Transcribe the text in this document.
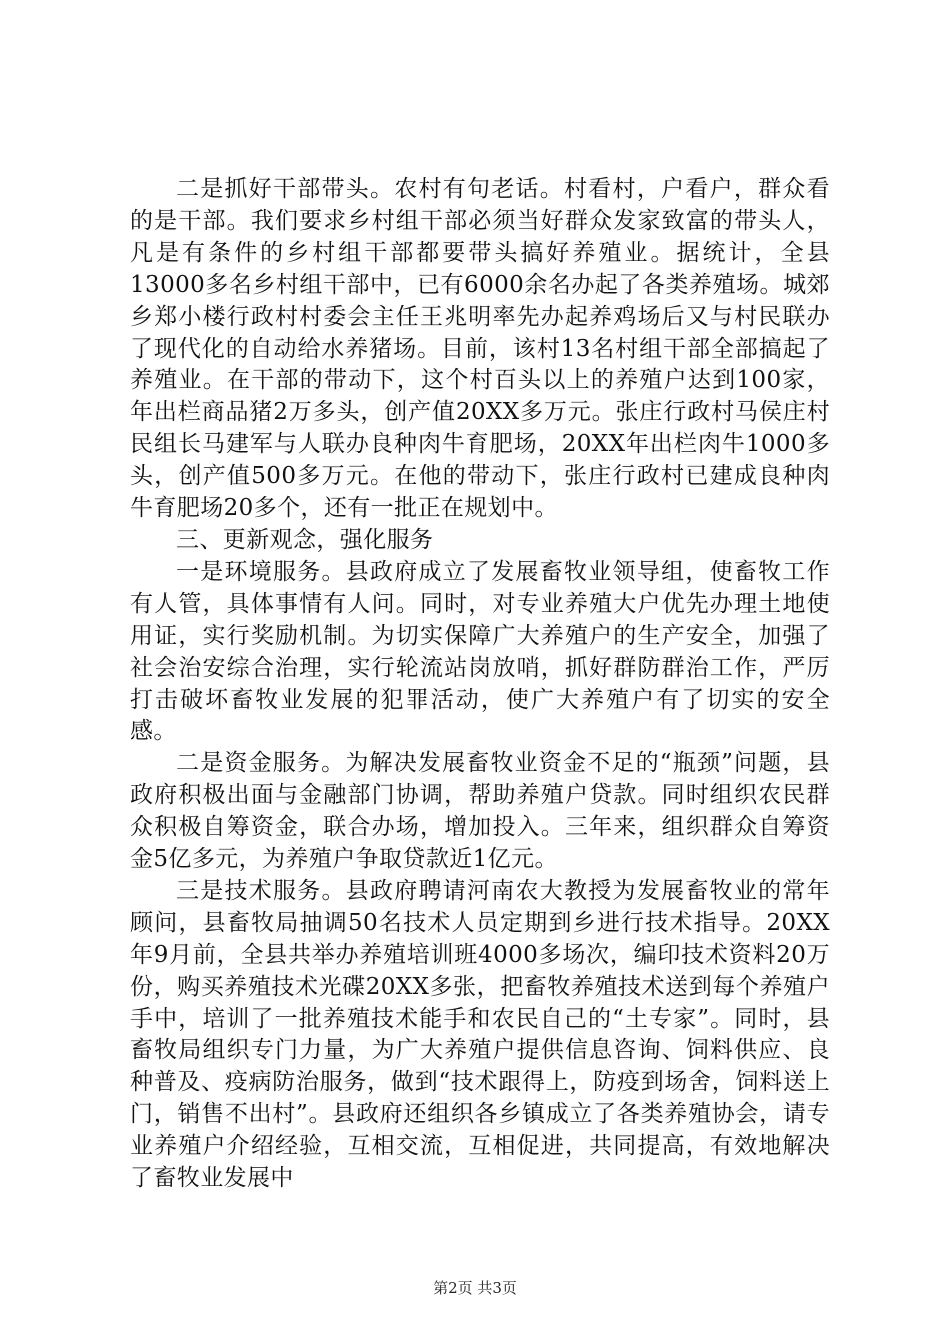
二是抓好干部带头。农村有句老话。村看村，户看户，群众看的是干部。我们要求乡村组干部必须当好群众发家致富的带头人，凡是有条件的乡村组干部都要带头搞好养殖业。据统计，全县13000多名乡村组干部中，已有6000余名办起了各类养殖场。城郊乡郑小楼行政村村委会主任王兆明率先办起养鸡场后又与村民联办了现代化的自动给水养猪场。目前，该村13名村组干部全部搞起了养殖业。在干部的带动下，这个村百头以上的养殖户达到100家，年出栏商品猪2万多头，创产值20XX多万元。张庄行政村马侯庄村民组长马建军与人联办良种肉牛育肥场，20XX年出栏肉牛1000多头，创产值500多万元。在他的带动下，张庄行政村已建成良种肉牛育肥场20多个，还有一批正在规划中。

三、更新观念，强化服务

一是环境服务。县政府成立了发展畜牧业领导组，使畜牧工作有人管，具体事情有人问。同时，对专业养殖大户优先办理土地使用证，实行奖励机制。为切实保障广大养殖户的生产安全，加强了社会治安综合治理，实行轮流站岗放哨，抓好群防群治工作，严厉打击破坏畜牧业发展的犯罪活动，使广大养殖户有了切实的安全感。

二是资金服务。为解决发展畜牧业资金不足的“瓶颈”问题，县政府积极出面与金融部门协调，帮助养殖户贷款。同时组织农民群众积极自筹资金，联合办场，增加投入。三年来，组织群众自筹资金5亿多元，为养殖户争取贷款近1亿元。

三是技术服务。县政府聘请河南农大教授为发展畜牧业的常年顾问，县畜牧局抽调50名技术人员定期到乡进行技术指导。20XX年9月前，全县共举办养殖培训班4000多场次，编印技术资料20万份，购买养殖技术光碟20XX多张，把畜牧养殖技术送到每个养殖户手中，培训了一批养殖技术能手和农民自己的“土专家”。同时，县畜牧局组织专门力量，为广大养殖户提供信息咨询、饲料供应、良种普及、疫病防治服务，做到“技术跟得上，防疫到场舍，饲料送上门，销售不出村”。县政府还组织各乡镇成立了各类养殖协会，请专业养殖户介绍经验，互相交流，互相促进，共同提高，有效地解决了畜牧业发展中

第2页 共3页
